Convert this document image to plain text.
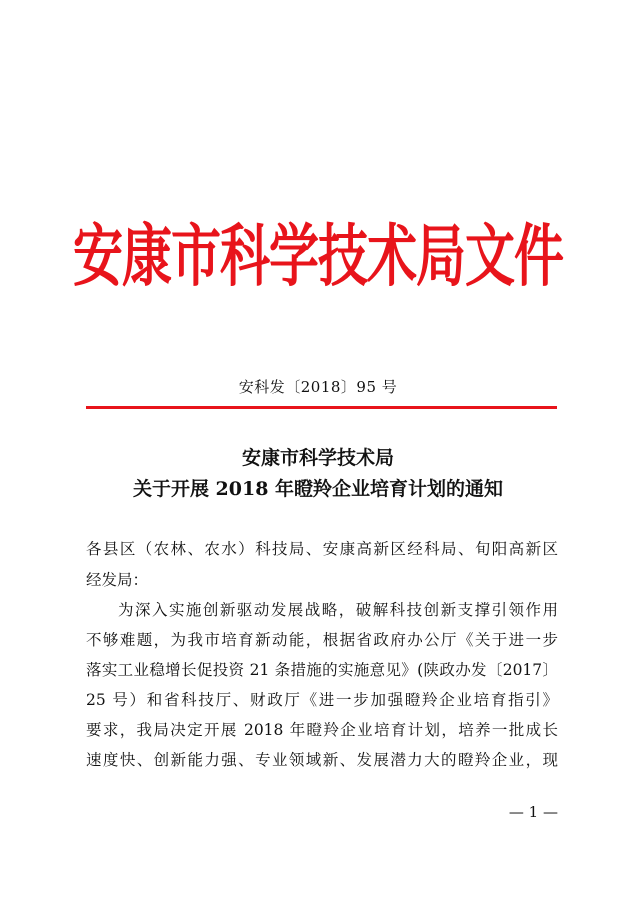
安康市科学技术局文件
安科发〔2018〕95 号
安康市科学技术局
关于开展 2018 年瞪羚企业培育计划的通知
各县区（农林、农水）科技局、安康高新区经科局、旬阳高新区
经发局：
为深入实施创新驱动发展战略，破解科技创新支撑引领作用
不够难题，为我市培育新动能，根据省政府办公厅《关于进一步
落实工业稳增长促投资 21 条措施的实施意见》(陕政办发〔2017〕
25 号）和省科技厅、财政厅《进一步加强瞪羚企业培育指引》
要求，我局决定开展 2018 年瞪羚企业培育计划，培养一批成长
速度快、创新能力强、专业领域新、发展潜力大的瞪羚企业，现
— 1 —
